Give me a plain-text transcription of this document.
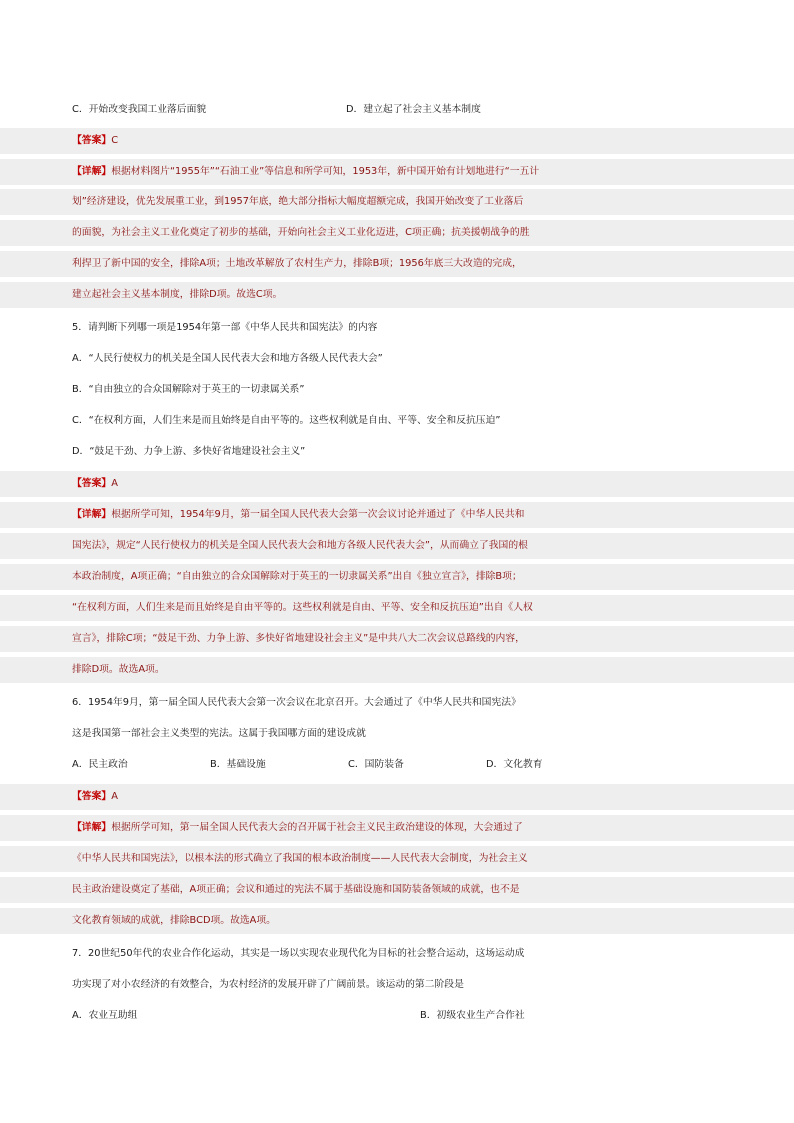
C．开始改变我国工业落后面貌	D．建立起了社会主义基本制度
【答案】C
【详解】根据材料图片“1955年”“石油工业”等信息和所学可知，1953年，新中国开始有计划地进行“一五计
划”经济建设，优先发展重工业，到1957年底，绝大部分指标大幅度超额完成，我国开始改变了工业落后
的面貌，为社会主义工业化奠定了初步的基础，开始向社会主义工业化迈进，C项正确；抗美援朝战争的胜
利捍卫了新中国的安全，排除A项；土地改革解放了农村生产力，排除B项；1956年底三大改造的完成，
建立起社会主义基本制度，排除D项。故选C项。
5．请判断下列哪一项是1954年第一部《中华人民共和国宪法》的内容
A．“人民行使权力的机关是全国人民代表大会和地方各级人民代表大会”
B．“自由独立的合众国解除对于英王的一切隶属关系”
C．“在权利方面，人们生来是而且始终是自由平等的。这些权利就是自由、平等、安全和反抗压迫”
D．“鼓足干劲、力争上游、多快好省地建设社会主义”
【答案】A
【详解】根据所学可知，1954年9月，第一届全国人民代表大会第一次会议讨论并通过了《中华人民共和
国宪法》，规定“人民行使权力的机关是全国人民代表大会和地方各级人民代表大会”，从而确立了我国的根
本政治制度，A项正确；“自由独立的合众国解除对于英王的一切隶属关系”出自《独立宣言》，排除B项；
“在权利方面，人们生来是而且始终是自由平等的。这些权利就是自由、平等、安全和反抗压迫”出自《人权
宣言》，排除C项；“鼓足干劲、力争上游、多快好省地建设社会主义”是中共八大二次会议总路线的内容，
排除D项。故选A项。
6．1954年9月，第一届全国人民代表大会第一次会议在北京召开。大会通过了《中华人民共和国宪法》
这是我国第一部社会主义类型的宪法。这属于我国哪方面的建设成就
A．民主政治	B．基础设施	C．国防装备	D．文化教育
【答案】A
【详解】根据所学可知，第一届全国人民代表大会的召开属于社会主义民主政治建设的体现，大会通过了
《中华人民共和国宪法》，以根本法的形式确立了我国的根本政治制度——人民代表大会制度，为社会主义
民主政治建设奠定了基础，A项正确；会议和通过的宪法不属于基础设施和国防装备领域的成就，也不是
文化教育领域的成就，排除BCD项。故选A项。
7．20世纪50年代的农业合作化运动，其实是一场以实现农业现代化为目标的社会整合运动，这场运动成
功实现了对小农经济的有效整合，为农村经济的发展开辟了广阔前景。该运动的第二阶段是
A．农业互助组	B．初级农业生产合作社
